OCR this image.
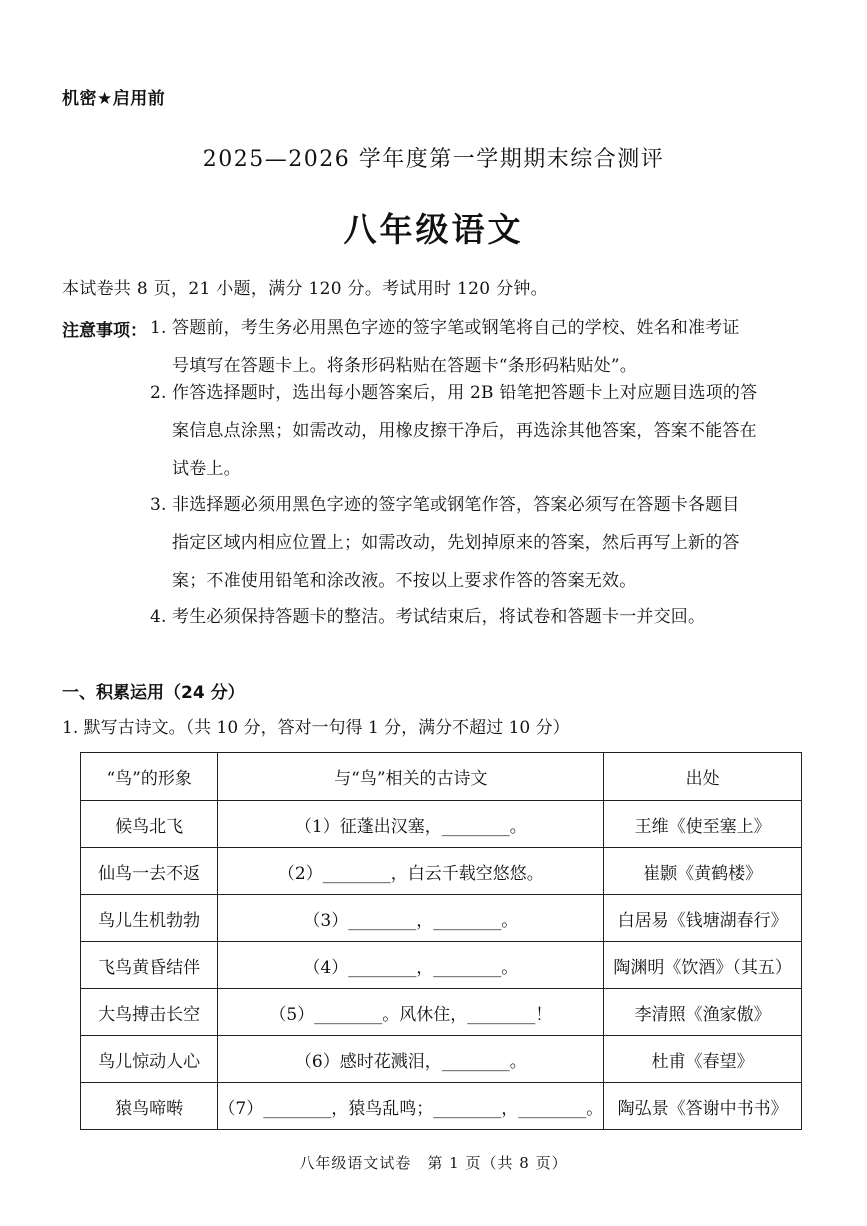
机密★启用前
2025—2026 学年度第一学期期末综合测评
八年级语文
本试卷共 8 页，21 小题，满分 120 分。考试用时 120 分钟。
注意事项： 1. 答题前，考生务必用黑色字迹的签字笔或钢笔将自己的学校、姓名和准考证
号填写在答题卡上。将条形码粘贴在答题卡“条形码粘贴处”。
2. 作答选择题时，选出每小题答案后，用 2B 铅笔把答题卡上对应题目选项的答
案信息点涂黑；如需改动，用橡皮擦干净后，再选涂其他答案，答案不能答在
试卷上。
3. 非选择题必须用黑色字迹的签字笔或钢笔作答，答案必须写在答题卡各题目
指定区域内相应位置上；如需改动，先划掉原来的答案，然后再写上新的答
案；不准使用铅笔和涂改液。不按以上要求作答的答案无效。
4. 考生必须保持答题卡的整洁。考试结束后，将试卷和答题卡一并交回。
一、积累运用（24 分）
1. 默写古诗文。（共 10 分，答对一句得 1 分，满分不超过 10 分）
“鸟”的形象	与“鸟”相关的古诗文	出处
候鸟北飞	（1）征蓬出汉塞，________。	王维《使至塞上》
仙鸟一去不返	（2）________，白云千载空悠悠。	崔颢《黄鹤楼》
鸟儿生机勃勃	（3）________，________。	白居易《钱塘湖春行》
飞鸟黄昏结伴	（4）________，________。	陶渊明《饮酒》（其五）
大鸟搏击长空	（5）________。风休住，________！	李清照《渔家傲》
鸟儿惊动人心	（6）感时花溅泪，________。	杜甫《春望》
猿鸟啼啭	（7）________，猿鸟乱鸣；________，________。	陶弘景《答谢中书书》
八年级语文试卷　第 1 页（共 8 页）
